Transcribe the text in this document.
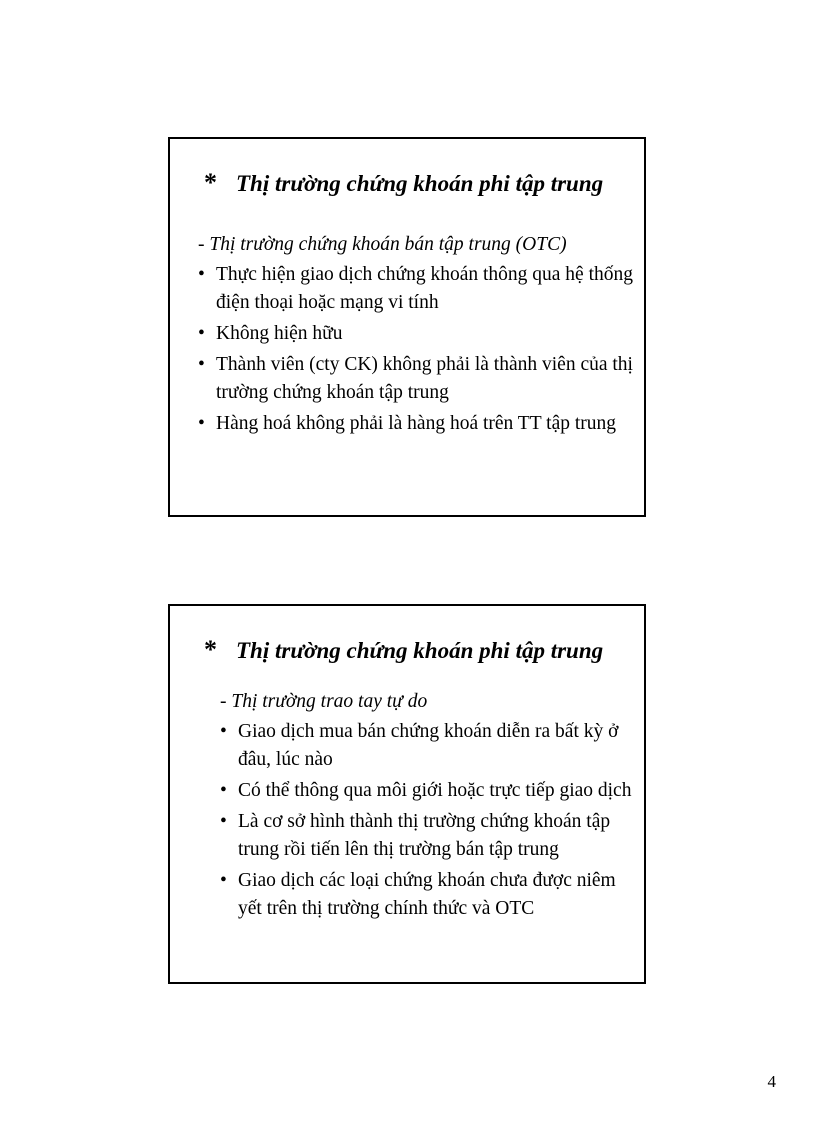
* Thị trường chứng khoán phi tập trung
- Thị trường chứng khoán bán tập trung (OTC)
• Thực hiện giao dịch chứng khoán thông qua hệ thống điện thoại hoặc mạng vi tính
• Không hiện hữu
• Thành viên (cty CK) không phải là thành viên của thị trường chứng khoán tập trung
• Hàng hoá không phải là hàng hoá trên TT tập trung
* Thị trường chứng khoán phi tập trung
- Thị trường trao tay tự do
• Giao dịch mua bán chứng khoán diễn ra bất kỳ ở đâu, lúc nào
• Có thể thông qua môi giới hoặc trực tiếp giao dịch
• Là cơ sở hình thành thị trường chứng khoán tập trung rồi tiến lên thị trường bán tập trung
• Giao dịch các loại chứng khoán chưa được niêm yết trên thị trường chính thức và OTC
4
